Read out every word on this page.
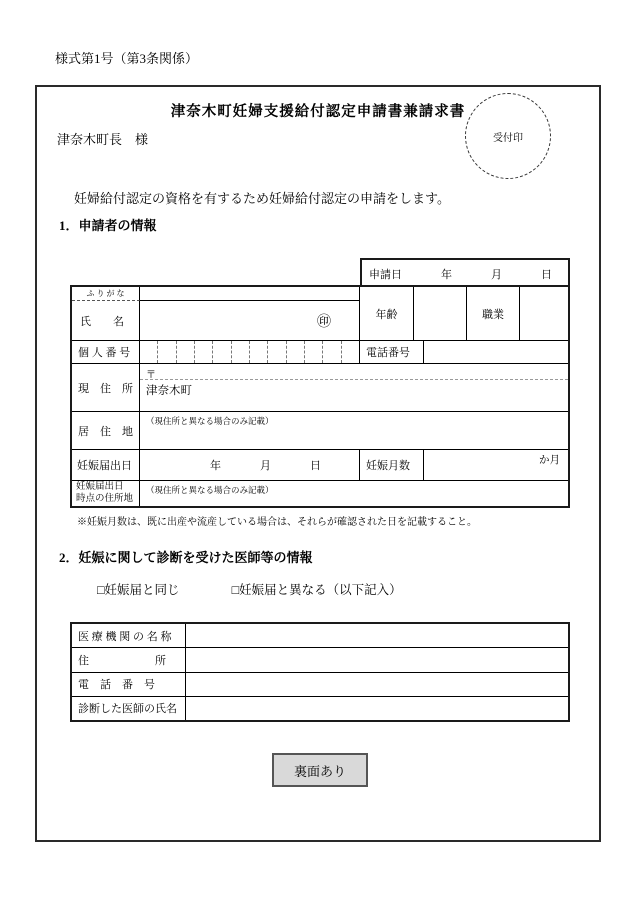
様式第1号（第3条関係）
津奈木町妊婦支援給付認定申請書兼請求書
津奈木町長　様	受付印
妊婦給付認定の資格を有するため妊婦給付認定の申請をします。
1．申請者の情報
申請日	年	月	日
ふ り が な
氏　　名	㊞	年齢	職業
個 人 番 号	電話番号
現　住　所
〒
津奈木町
居　住　地
（現住所と異なる場合のみ記載）
妊娠届出日	年	月	日	妊娠月数	か月
妊娠届出日
時点の住所地
（現住所と異なる場合のみ記載）
※妊娠月数は、既に出産や流産している場合は、それらが確認された日を記載すること。
2．妊娠に関して診断を受けた医師等の情報
□妊娠届と同じ	□妊娠届と異なる（以下記入）
医 療 機 関 の 名 称
住　　　　　　所
電　話　番　号
診断した医師の氏名
裏面あり
